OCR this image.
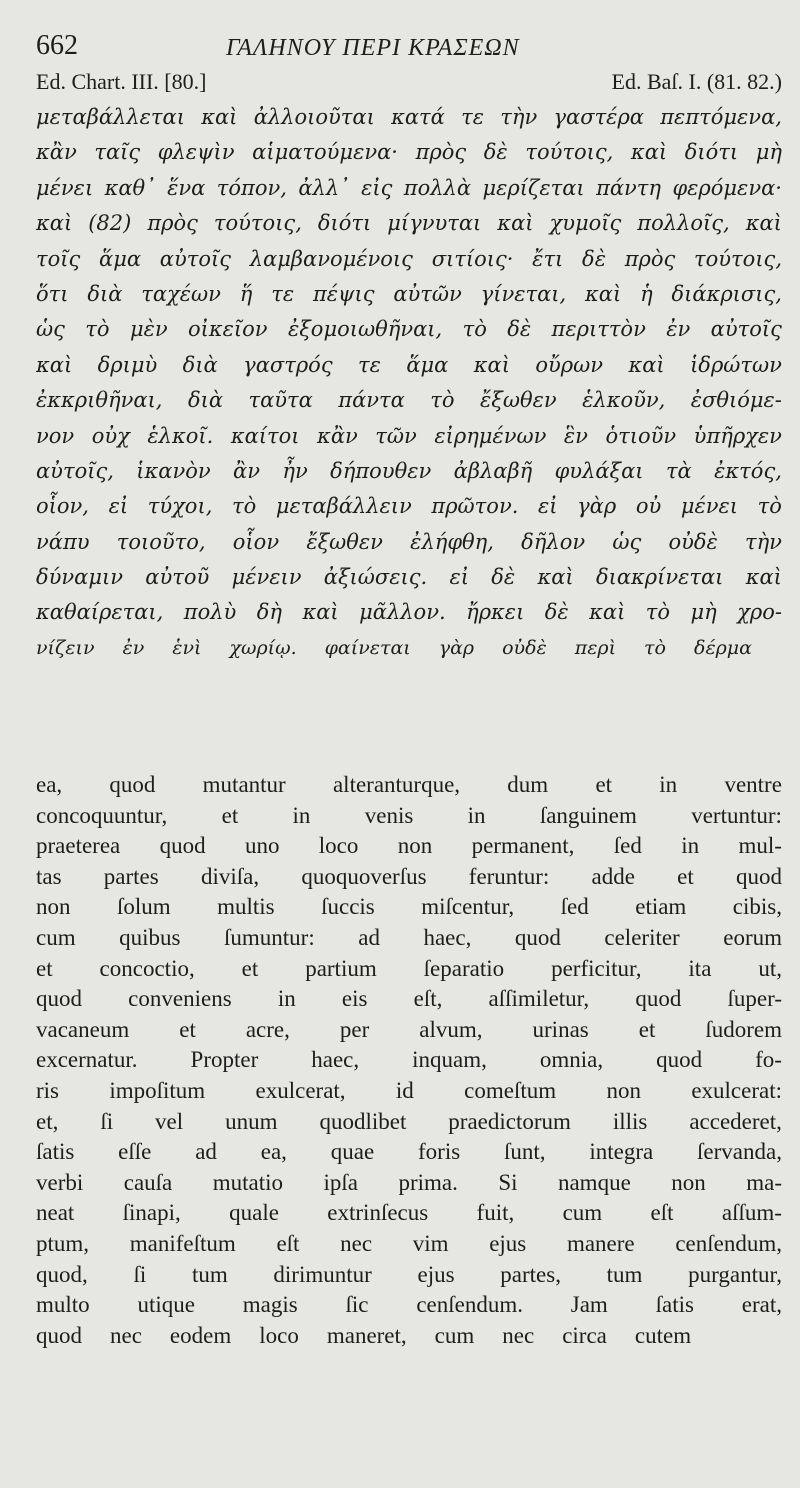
662	ΓΑΛΗΝΟΥ ΠΕΡΙ ΚΡΑΣΕΩΝ
Ed. Chart. III. [80.]	Ed. Baſ. I. (81. 82.)
μεταβάλλεται καὶ ἀλλοιοῦται κατά τε τὴν γαστέρα πεπτόμενα,
κἂν ταῖς φλεψὶν αἱματούμενα· πρὸς δὲ τούτοις, καὶ διότι μὴ
μένει καθ᾽ ἕνα τόπον, ἀλλ᾽ εἰς πολλὰ μερίζεται πάντη φερόμενα·
καὶ (82) πρὸς τούτοις, διότι μίγνυται καὶ χυμοῖς πολλοῖς, καὶ
τοῖς ἅμα αὐτοῖς λαμβανομένοις σιτίοις· ἔτι δὲ πρὸς τούτοις,
ὅτι διὰ ταχέων ἥ τε πέψις αὐτῶν γίνεται, καὶ ἡ διάκρισις,
ὡς τὸ μὲν οἰκεῖον ἐξομοιωθῆναι, τὸ δὲ περιττὸν ἐν αὐτοῖς
καὶ δριμὺ διὰ γαστρός τε ἅμα καὶ οὔρων καὶ ἱδρώτων
ἐκκριθῆναι, διὰ ταῦτα πάντα τὸ ἔξωθεν ἑλκοῦν, ἐσθιόμε-
νον οὐχ ἑλκοῖ. καίτοι κἂν τῶν εἰρημένων ἓν ὁτιοῦν ὑπῆρχεν
αὐτοῖς, ἱκανὸν ἂν ἦν δήπουθεν ἀβλαβῆ φυλάξαι τὰ ἐκτός,
οἷον, εἰ τύχοι, τὸ μεταβάλλειν πρῶτον. εἰ γὰρ οὐ μένει τὸ
νάπυ τοιοῦτο, οἷον ἔξωθεν ἐλήφθη, δῆλον ὡς οὐδὲ τὴν
δύναμιν αὐτοῦ μένειν ἀξιώσεις. εἰ δὲ καὶ διακρίνεται καὶ
καθαίρεται, πολὺ δὴ καὶ μᾶλλον. ἤρκει δὲ καὶ τὸ μὴ χρο-
νίζειν ἐν ἑνὶ χωρίῳ. φαίνεται γὰρ οὐδὲ περὶ τὸ δέρμα
ea, quod mutantur alteranturque, dum et in ventre
concoquuntur, et in venis in ſanguinem vertuntur:
praeterea quod uno loco non permanent, ſed in mul-
tas partes diviſa, quoquoverſus feruntur: adde et quod
non ſolum multis ſuccis miſcentur, ſed etiam cibis,
cum quibus ſumuntur: ad haec, quod celeriter eorum
et concoctio, et partium ſeparatio perficitur, ita ut,
quod conveniens in eis eſt, aſſimiletur, quod ſuper-
vacaneum et acre, per alvum, urinas et ſudorem
excernatur. Propter haec, inquam, omnia, quod fo-
ris impoſitum exulcerat, id comeſtum non exulcerat:
et, ſi vel unum quodlibet praedictorum illis accederet,
ſatis eſſe ad ea, quae foris ſunt, integra ſervanda,
verbi cauſa mutatio ipſa prima. Si namque non ma-
neat ſinapi, quale extrinſecus fuit, cum eſt aſſum-
ptum, manifeſtum eſt nec vim ejus manere cenſendum,
quod, ſi tum dirimuntur ejus partes, tum purgantur,
multo utique magis ſic cenſendum. Jam ſatis erat,
quod nec eodem loco maneret, cum nec circa cutem
